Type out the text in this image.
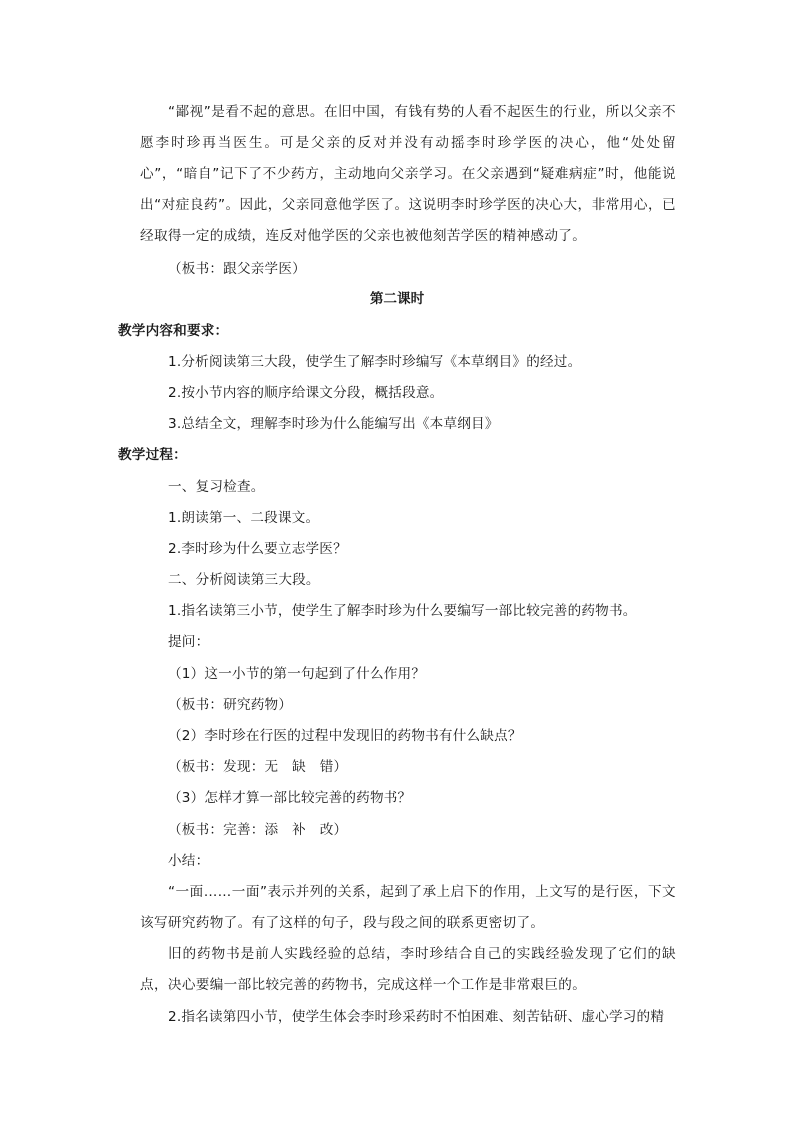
“鄙视”是看不起的意思。在旧中国，有钱有势的人看不起医生的行业，所以父亲不愿李时珍再当医生。可是父亲的反对并没有动摇李时珍学医的决心，他“处处留心”，“暗自”记下了不少药方，主动地向父亲学习。在父亲遇到“疑难病症”时，他能说出“对症良药”。因此，父亲同意他学医了。这说明李时珍学医的决心大，非常用心，已经取得一定的成绩，连反对他学医的父亲也被他刻苦学医的精神感动了。
（板书：跟父亲学医）
第二课时
教学内容和要求：
1.分析阅读第三大段，使学生了解李时珍编写《本草纲目》的经过。
2.按小节内容的顺序给课文分段，概括段意。
3.总结全文，理解李时珍为什么能编写出《本草纲目》
教学过程：
一、复习检查。
1.朗读第一、二段课文。
2.李时珍为什么要立志学医？
二、分析阅读第三大段。
1.指名读第三小节，使学生了解李时珍为什么要编写一部比较完善的药物书。
提问：
（1）这一小节的第一句起到了什么作用？
（板书：研究药物）
（2）李时珍在行医的过程中发现旧的药物书有什么缺点？
（板书：发现：无　缺　错）
（3）怎样才算一部比较完善的药物书？
（板书：完善：添　补　改）
小结：
“一面……一面”表示并列的关系，起到了承上启下的作用，上文写的是行医，下文该写研究药物了。有了这样的句子，段与段之间的联系更密切了。
旧的药物书是前人实践经验的总结，李时珍结合自己的实践经验发现了它们的缺点，决心要编一部比较完善的药物书，完成这样一个工作是非常艰巨的。
2.指名读第四小节，使学生体会李时珍采药时不怕困难、刻苦钻研、虚心学习的精
